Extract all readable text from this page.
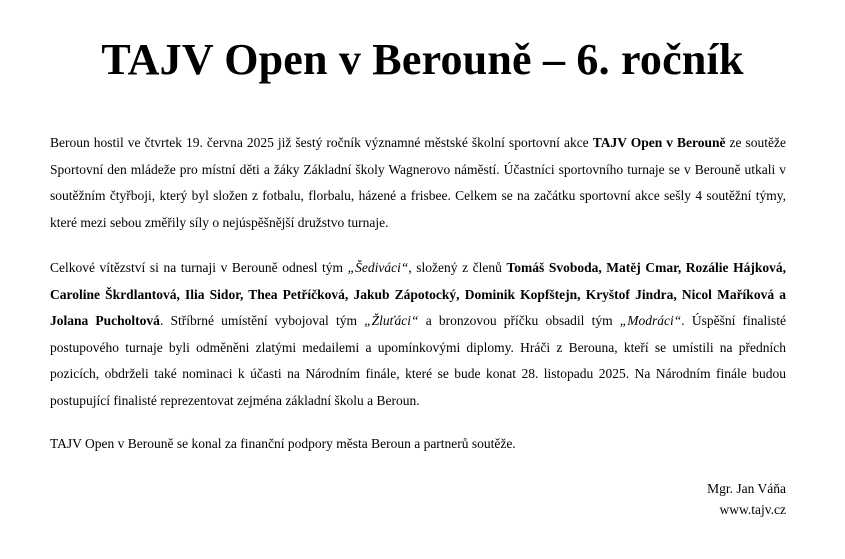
TAJV Open v Berouně – 6. ročník

Beroun hostil ve čtvrtek 19. června 2025 již šestý ročník významné městské školní sportovní akce TAJV Open v Berouně ze soutěže Sportovní den mládeže pro místní děti a žáky Základní školy Wagnerovo náměstí. Účastníci sportovního turnaje se v Berouně utkali v soutěžním čtyřboji, který byl složen z fotbalu, florbalu, házené a frisbee. Celkem se na začátku sportovní akce sešly 4 soutěžní týmy, které mezi sebou změřily síly o nejúspěšnější družstvo turnaje.

Celkové vítězství si na turnaji v Berouně odnesl tým „Šediváci“, složený z členů Tomáš Svoboda, Matěj Cmar, Rozálie Hájková, Caroline Škrdlantová, Ilia Sidor, Thea Petříčková, Jakub Zápotocký, Dominik Kopfštejn, Kryštof Jindra, Nicol Maříková a Jolana Pucholtová. Stříbrné umístění vybojoval tým „Žluťáci“ a bronzovou příčku obsadil tým „Modráci“. Úspěšní finalisté postupového turnaje byli odměněni zlatými medailemi a upomínkovými diplomy. Hráči z Berouna, kteří se umístili na předních pozicích, obdrželi také nominaci k účasti na Národním finále, které se bude konat 28. listopadu 2025. Na Národním finále budou postupující finalisté reprezentovat zejména základní školu a Beroun.

TAJV Open v Berouně se konal za finanční podpory města Beroun a partnerů soutěže.

Mgr. Jan Váňa
www.tajv.cz
